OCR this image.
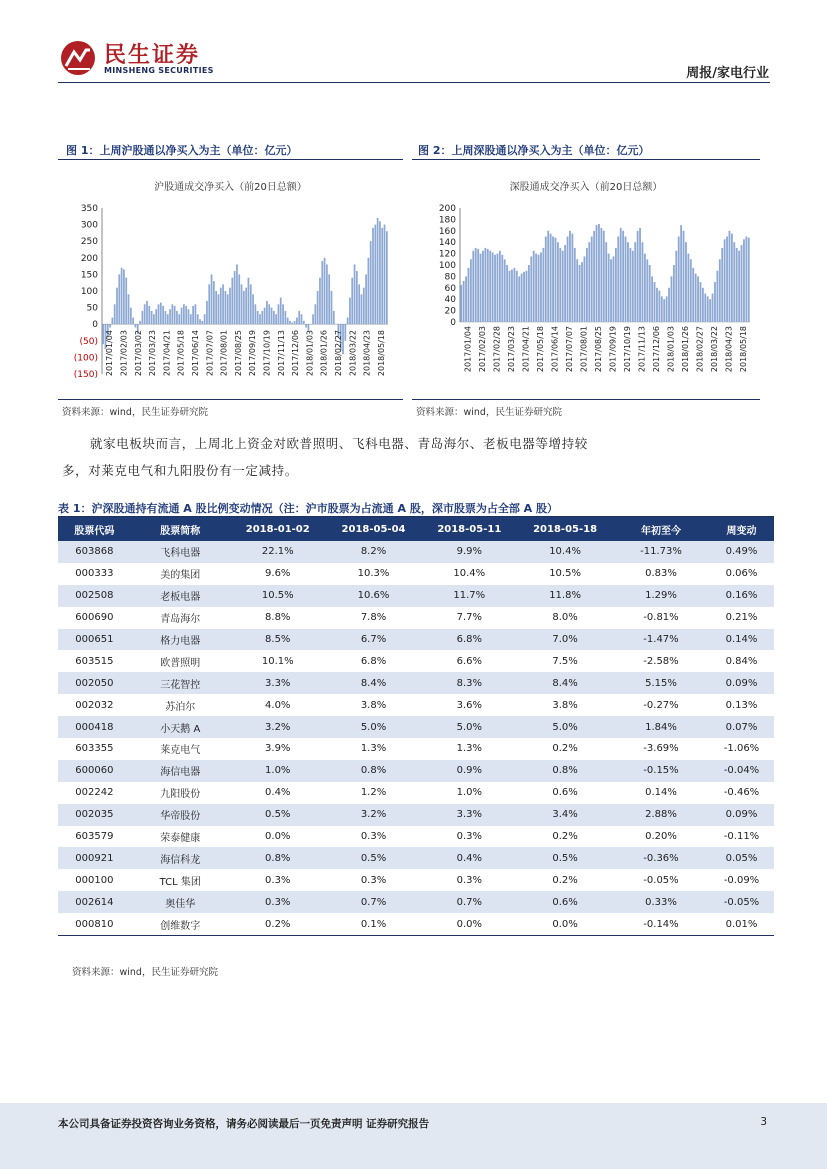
民生证券
MINSHENG SECURITIES	周报/家电行业
图 1：上周沪股通以净买入为主（单位：亿元）
沪股通成交净买入（前20日总额）
350
300
250
200
150
100
50
0
(50)
(100)
(150) 2017/01/04 2017/02/03 2017/03/02 2017/03/23 2017/04/21 2017/05/18 2017/06/14 2017/07/07 2017/08/01 2017/08/25 2017/09/19 2017/10/19 2017/11/13 2017/12/06 2018/01/03 2018/01/26 2018/02/27 2018/03/22 2018/04/23 2018/05/18
资料来源：wind，民生证券研究院
图 2：上周深股通以净买入为主（单位：亿元）
深股通成交净买入（前20日总额）
200
180
160
140
120
100
80
60
40
20
0
2017/01/04 2017/02/03 2017/02/28 2017/03/23 2017/04/21 2017/05/18 2017/06/14 2017/07/07 2017/08/01 2017/08/25 2017/09/19 2017/10/19 2017/11/13 2017/12/06 2018/01/03 2018/01/26 2018/02/27 2018/03/22 2018/04/23 2018/05/18
资料来源：wind，民生证券研究院
就家电板块而言，上周北上资金对欧普照明、飞科电器、青岛海尔、老板电器等增持较
多，对莱克电气和九阳股份有一定减持。
表 1：沪深股通持有流通 A 股比例变动情况（注：沪市股票为占流通 A 股，深市股票为占全部 A 股）
股票代码	股票简称	2018-01-02	2018-05-04	2018-05-11	2018-05-18	年初至今	周变动
603868	飞科电器	22.1%	8.2%	9.9%	10.4%	-11.73%	0.49%
000333	美的集团	9.6%	10.3%	10.4%	10.5%	0.83%	0.06%
002508	老板电器	10.5%	10.6%	11.7%	11.8%	1.29%	0.16%
600690	青岛海尔	8.8%	7.8%	7.7%	8.0%	-0.81%	0.21%
000651	格力电器	8.5%	6.7%	6.8%	7.0%	-1.47%	0.14%
603515	欧普照明	10.1%	6.8%	6.6%	7.5%	-2.58%	0.84%
002050	三花智控	3.3%	8.4%	8.3%	8.4%	5.15%	0.09%
002032	苏泊尔	4.0%	3.8%	3.6%	3.8%	-0.27%	0.13%
000418	小天鹅 A	3.2%	5.0%	5.0%	5.0%	1.84%	0.07%
603355	莱克电气	3.9%	1.3%	1.3%	0.2%	-3.69%	-1.06%
600060	海信电器	1.0%	0.8%	0.9%	0.8%	-0.15%	-0.04%
002242	九阳股份	0.4%	1.2%	1.0%	0.6%	0.14%	-0.46%
002035	华帝股份	0.5%	3.2%	3.3%	3.4%	2.88%	0.09%
603579	荣泰健康	0.0%	0.3%	0.3%	0.2%	0.20%	-0.11%
000921	海信科龙	0.8%	0.5%	0.4%	0.5%	-0.36%	0.05%
000100	TCL 集团	0.3%	0.3%	0.3%	0.2%	-0.05%	-0.09%
002614	奥佳华	0.3%	0.7%	0.7%	0.6%	0.33%	-0.05%
000810	创维数字	0.2%	0.1%	0.0%	0.0%	-0.14%	0.01%
资料来源：wind，民生证券研究院
本公司具备证券投资咨询业务资格，请务必阅读最后一页免责声明 证券研究报告	3
